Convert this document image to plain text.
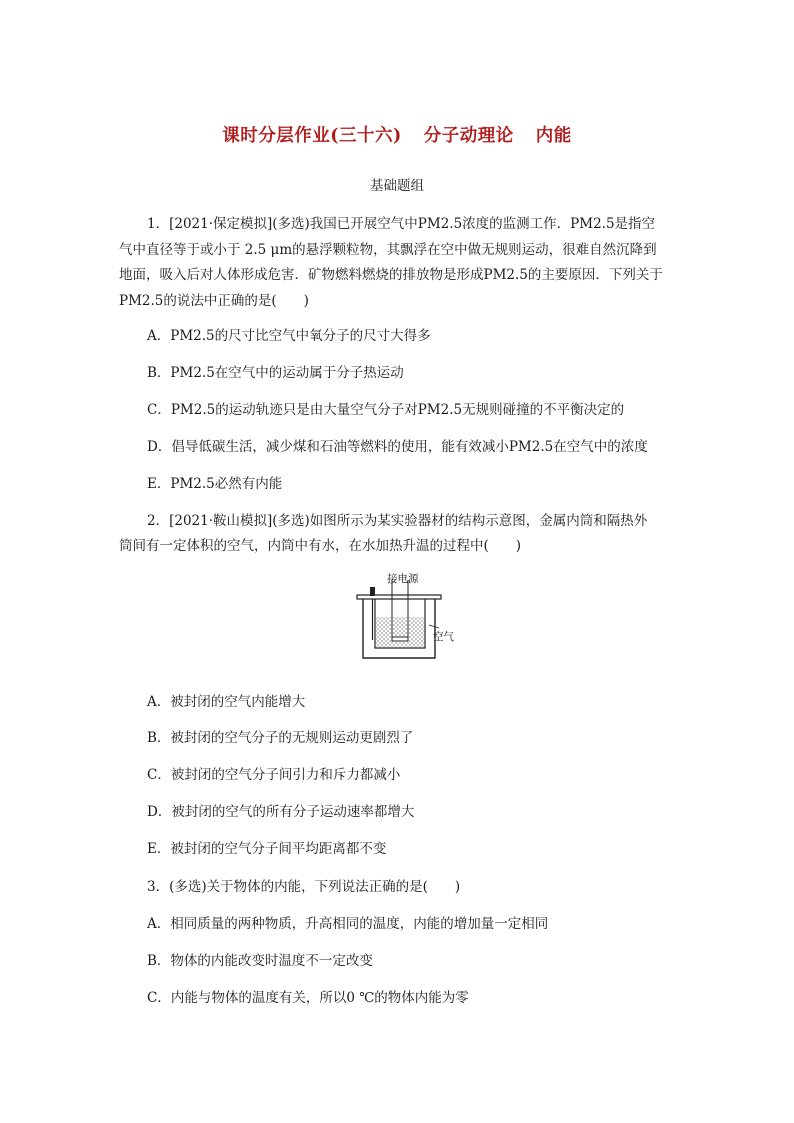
课时分层作业(三十六) 分子动理论 内能
基础题组
1．[2021·保定模拟](多选)我国已开展空气中PM2.5浓度的监测工作．PM2.5是指空
气中直径等于或小于 2.5 μm的悬浮颗粒物，其飘浮在空中做无规则运动，很难自然沉降到
地面，吸入后对人体形成危害．矿物燃料燃烧的排放物是形成PM2.5的主要原因．下列关于
PM2.5的说法中正确的是(　　)
A．PM2.5的尺寸比空气中氧分子的尺寸大得多
B．PM2.5在空气中的运动属于分子热运动
C．PM2.5的运动轨迹只是由大量空气分子对PM2.5无规则碰撞的不平衡决定的
D．倡导低碳生活，减少煤和石油等燃料的使用，能有效减小PM2.5在空气中的浓度
E．PM2.5必然有内能
2．[2021·鞍山模拟](多选)如图所示为某实验器材的结构示意图，金属内筒和隔热外
筒间有一定体积的空气，内筒中有水，在水加热升温的过程中(　　)
接电源
空气
A．被封闭的空气内能增大
B．被封闭的空气分子的无规则运动更剧烈了
C．被封闭的空气分子间引力和斥力都减小
D．被封闭的空气的所有分子运动速率都增大
E．被封闭的空气分子间平均距离都不变
3．(多选)关于物体的内能，下列说法正确的是(　　)
A．相同质量的两种物质，升高相同的温度，内能的增加量一定相同
B．物体的内能改变时温度不一定改变
C．内能与物体的温度有关，所以0 ℃的物体内能为零
